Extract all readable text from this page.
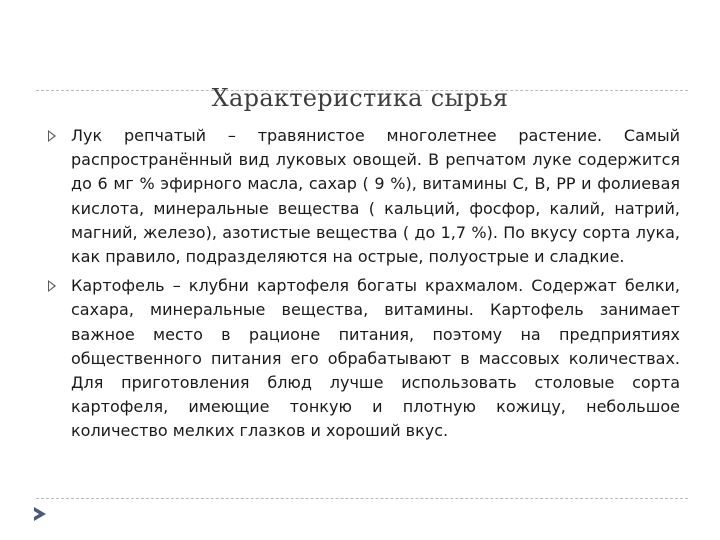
Характеристика сырья
Лук репчатый – травянистое многолетнее растение. Самый распространённый вид луковых овощей. В репчатом луке содержится до 6 мг % эфирного масла, сахар ( 9 %), витамины С, В, РР и фолиевая кислота, минеральные вещества ( кальций, фосфор, калий, натрий, магний, железо), азотистые вещества ( до 1,7 %). По вкусу сорта лука, как правило, подразделяются на острые, полуострые и сладкие.
Картофель – клубни картофеля богаты крахмалом. Содержат белки, сахара, минеральные вещества, витамины. Картофель занимает важное место в рационе питания, поэтому на предприятиях общественного питания его обрабатывают в массовых количествах. Для приготовления блюд лучше использовать столовые сорта картофеля, имеющие тонкую и плотную кожицу, небольшое количество мелких глазков и хороший вкус.
